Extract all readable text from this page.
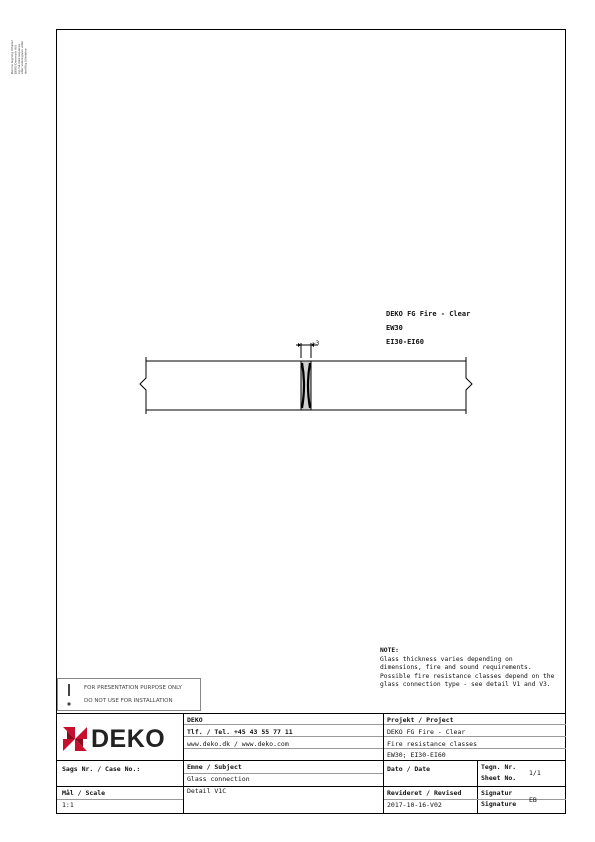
Denne tegning tilhører DEKO Denmark A/S og må ikke kopieres eller videregives uden skriftlig tilladelse
DEKO FG Fire - Clear
EW30
EI30-EI60
~3
NOTE:
Glass thickness varies depending on
dimensions, fire and sound requirements.
Possible fire resistance classes depend on the
glass connection type - see detail V1 and V3.
FOR PRESENTATION PURPOSE ONLY
DO NOT USE FOR INSTALLATION
DEKO
DEKO
Tlf. / Tel. +45 43 55 77 11
www.deko.dk / www.deko.com
Projekt / Project
DEKO FG Fire - Clear
Fire resistance classes
EW30; EI30-EI60
Sags Nr. / Case No.:	Emne / Subject
Glass connection
Detail V1C
Dato / Date	Tegn. Nr.
Sheet No.
1/1
Mål / Scale
1:1
Revideret / Revised
2017-10-16-V02
Signatur
Signature EB
